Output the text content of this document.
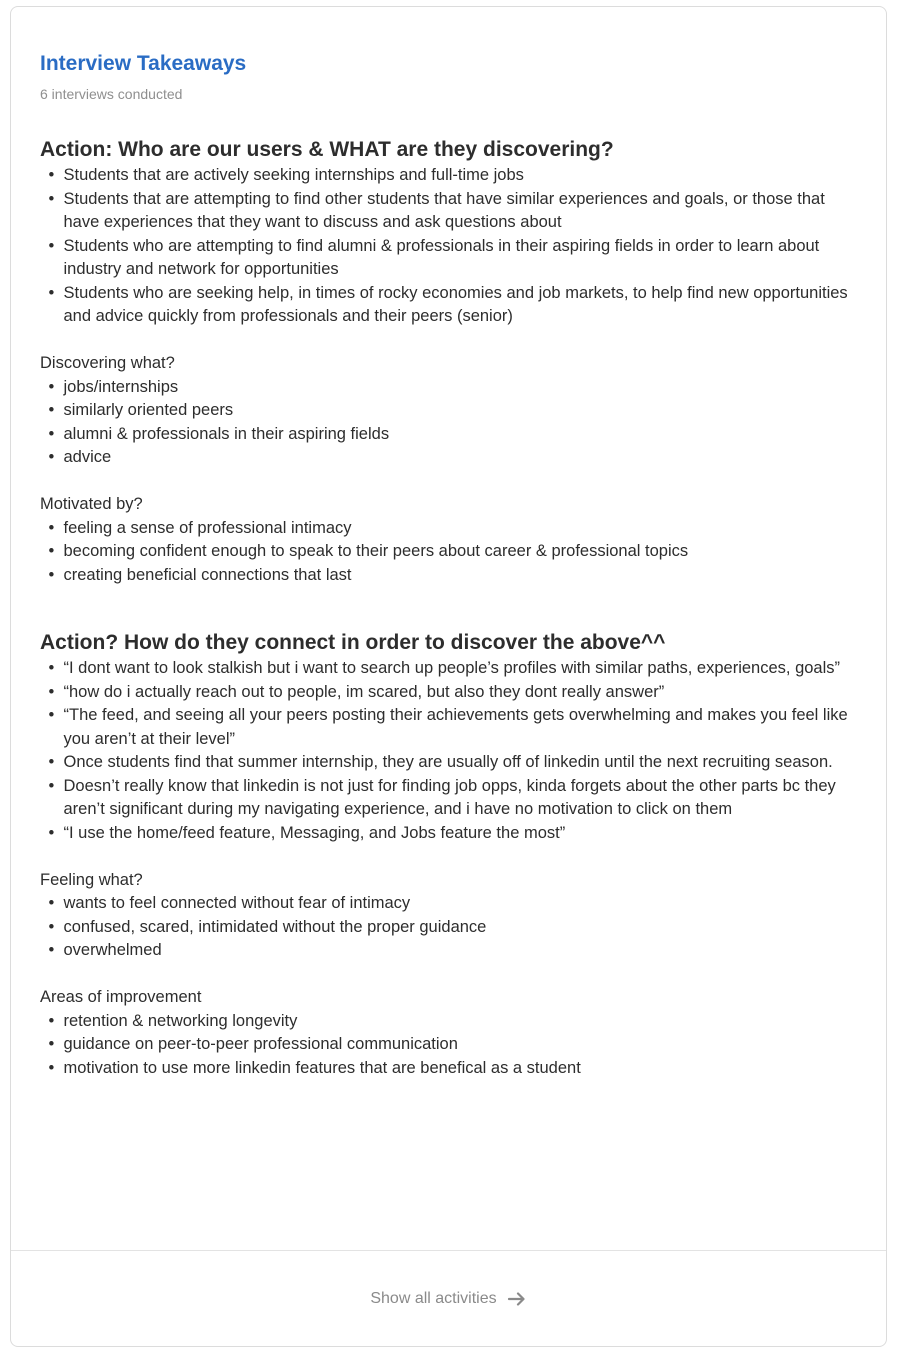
Interview Takeaways
6 interviews conducted
Action: Who are our users & WHAT are they discovering?
• Students that are actively seeking internships and full-time jobs
• Students that are attempting to find other students that have similar experiences and goals, or those that have experiences that they want to discuss and ask questions about
• Students who are attempting to find alumni & professionals in their aspiring fields in order to learn about industry and network for opportunities
• Students who are seeking help, in times of rocky economies and job markets, to help find new opportunities and advice quickly from professionals and their peers (senior)

Discovering what?

• jobs/internships
• similarly oriented peers
• alumni & professionals in their aspiring fields
• advice

Motivated by?

• feeling a sense of professional intimacy
• becoming confident enough to speak to their peers about career & professional topics
• creating beneficial connections that last
Action? How do they connect in order to discover the above^^
• “I dont want to look stalkish but i want to search up people’s profiles with similar paths, experiences, goals”
• “how do i actually reach out to people, im scared, but also they dont really answer”
• “The feed, and seeing all your peers posting their achievements gets overwhelming and makes you feel like you aren’t at their level”
• Once students find that summer internship, they are usually off of linkedin until the next recruiting season.
• Doesn’t really know that linkedin is not just for finding job opps, kinda forgets about the other parts bc they aren’t significant during my navigating experience, and i have no motivation to click on them
• “I use the home/feed feature, Messaging, and Jobs feature the most”

Feeling what?

• wants to feel connected without fear of intimacy
• confused, scared, intimidated without the proper guidance
• overwhelmed

Areas of improvement

• retention & networking longevity
• guidance on peer-to-peer professional communication
• motivation to use more linkedin features that are benefical as a student
Show all activities
